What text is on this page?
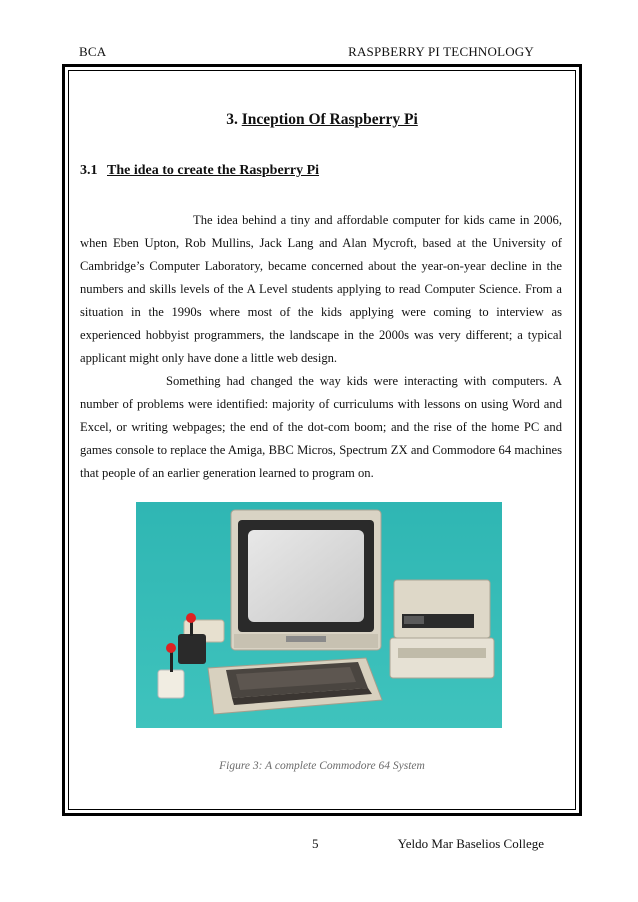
BCA	RASPBERRY PI TECHNOLOGY
3. Inception Of Raspberry Pi
3.1 The idea to create the Raspberry Pi

The idea behind a tiny and affordable computer for kids came in 2006, when Eben Upton, Rob Mullins, Jack Lang and Alan Mycroft, based at the University of Cambridge’s Computer Laboratory, became concerned about the year-on-year decline in the numbers and skills levels of the A Level students applying to read Computer Science. From a situation in the 1990s where most of the kids applying were coming to interview as experienced hobbyist programmers, the landscape in the 2000s was very different; a typical applicant might only have done a little web design.

Something had changed the way kids were interacting with computers. A number of problems were identified: majority of curriculums with lessons on using Word and Excel, or writing webpages; the end of the dot-com boom; and the rise of the home PC and games console to replace the Amiga, BBC Micros, Spectrum ZX and Commodore 64 machines that people of an earlier generation learned to program on.

Figure 3: A complete Commodore 64 System
5	Yeldo Mar Baselios College
